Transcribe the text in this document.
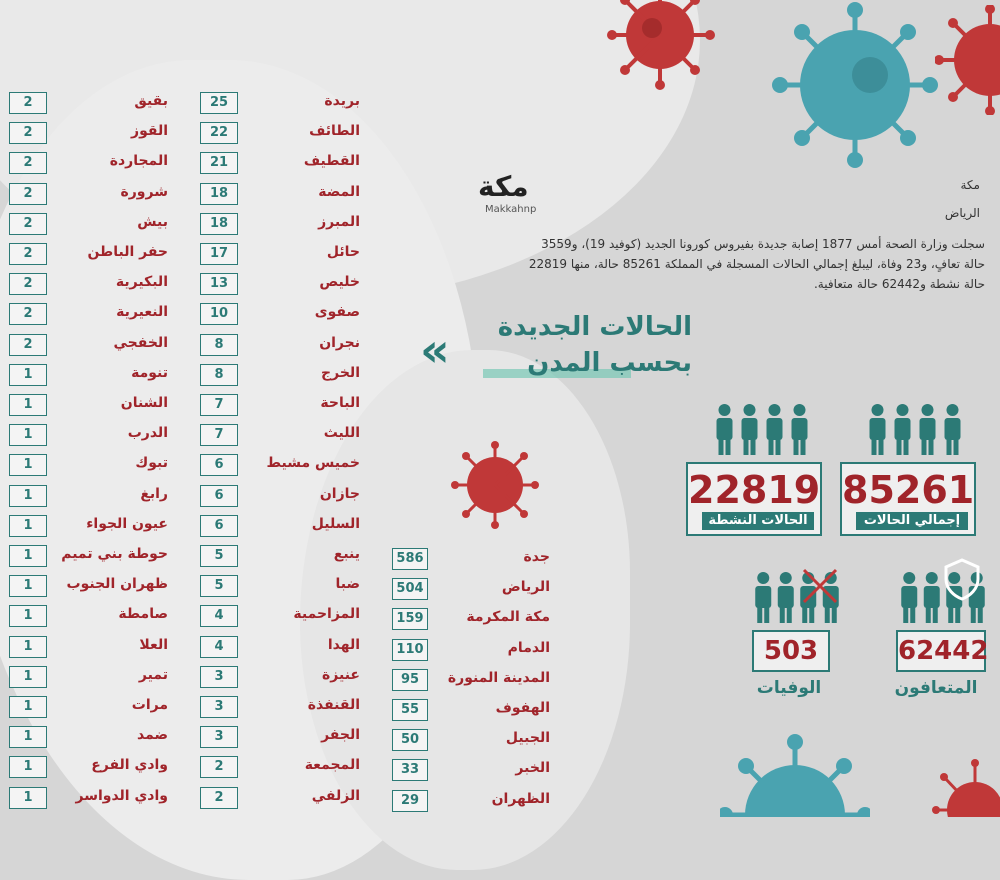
مكة
Makkahnp
مكة
الرياض
سجلت وزارة الصحة أمس 1877 إصابة جديدة بفيروس كورونا الجديد (كوفيد 19)، و3559 حالة تعافٍ، و23 وفاة، ليبلغ إجمالي الحالات المسجلة في المملكة 85261 حالة، منها 22819 حالة نشطة و62442 حالة متعافية.
الحالات الجديدة
بحسب المدن
«
85261
إجمالي الحالات
22819
الحالات النشطة
62442
المتعافون
503
الوفيات
بقيق
2
القوز
2
المجاردة
2
شرورة
2
بيش
2
حفر الباطن
2
البكيرية
2
النعيرية
2
الخفجي
2
تنومة
1
الشنان
1
الدرب
1
تبوك
1
رابغ
1
عيون الجواء
1
حوطة بني تميم
1
ظهران الجنوب
1
صامطة
1
العلا
1
تمير
1
مرات
1
ضمد
1
وادي الفرع
1
وادي الدواسر
1
بريدة
25
الطائف
22
القطيف
21
المضة
18
المبرز
18
حائل
17
خليص
13
صفوى
10
نجران
8
الخرج
8
الباحة
7
الليث
7
خميس مشيط
6
جازان
6
السليل
6
ينبع
5
ضبا
5
المزاحمية
4
الهدا
4
عنيزة
3
القنفذة
3
الجفر
3
المجمعة
2
الزلفي
2
جدة
586
الرياض
504
مكة المكرمة
159
الدمام
110
المدينة المنورة
95
الهفوف
55
الجبيل
50
الخبر
33
الظهران
29
